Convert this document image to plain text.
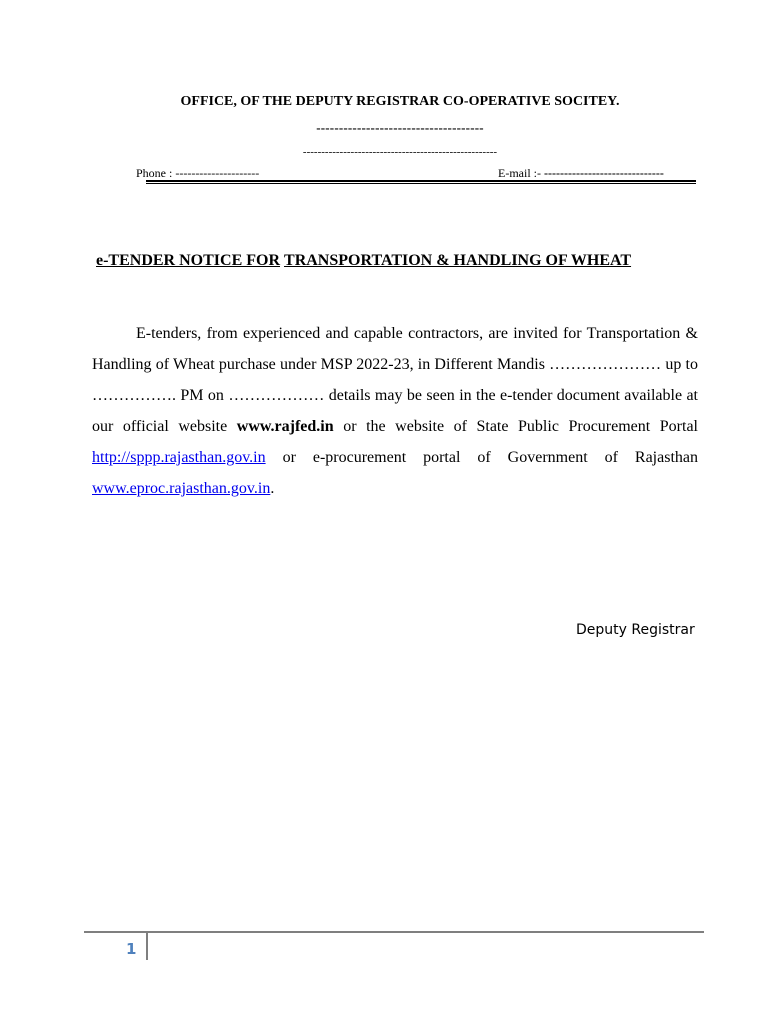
OFFICE, OF THE DEPUTY REGISTRAR CO-OPERATIVE SOCITEY.
-------------------------------------
-----------------------------------------------------
Phone : ---------------------	E-mail :- ------------------------------
e-TENDER NOTICE FOR TRANSPORTATION & HANDLING OF WHEAT

E-tenders, from experienced and capable contractors, are invited for Transportation & Handling of Wheat purchase under MSP 2022-23, in Different Mandis ………………… up to ……………. PM on ……………… details may be seen in the e-tender document available at our official website www.rajfed.in or the website of State Public Procurement Portal http://sppp.rajasthan.gov.in or e-procurement portal of Government of Rajasthan www.eproc.rajasthan.gov.in.

Deputy Registrar
1
